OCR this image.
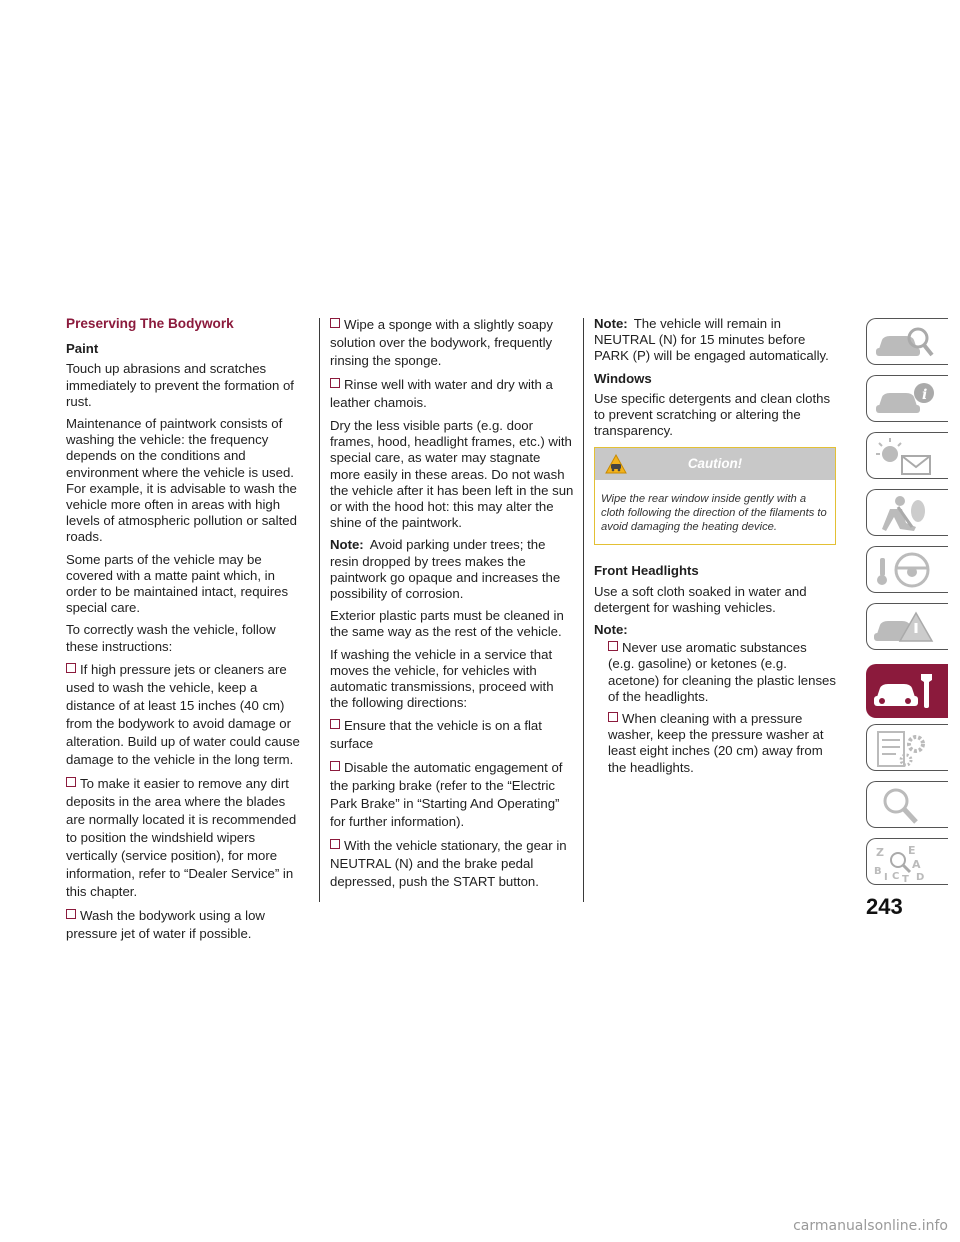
Preserving The Bodywork
Paint

Touch up abrasions and scratches immediately to prevent the formation of rust.

Maintenance of paintwork consists of washing the vehicle: the frequency depends on the conditions and environment where the vehicle is used. For example, it is advisable to wash the vehicle more often in areas with high levels of atmospheric pollution or salted roads.

Some parts of the vehicle may be covered with a matte paint which, in order to be maintained intact, requires special care.

To correctly wash the vehicle, follow these instructions:

If high pressure jets or cleaners are used to wash the vehicle, keep a distance of at least 15 inches (40 cm) from the bodywork to avoid damage or alteration. Build up of water could cause damage to the vehicle in the long term.
To make it easier to remove any dirt deposits in the area where the blades are normally located it is recommended to position the windshield wipers vertically (service position), for more information, refer to “Dealer Service” in this chapter.
Wash the bodywork using a low pressure jet of water if possible.
Wipe a sponge with a slightly soapy solution over the bodywork, frequently rinsing the sponge.
Rinse well with water and dry with a leather chamois.

Dry the less visible parts (e.g. door frames, hood, headlight frames, etc.) with special care, as water may stagnate more easily in these areas. Do not wash the vehicle after it has been left in the sun or with the hood hot: this may alter the shine of the paintwork.

Note: Avoid parking under trees; the resin dropped by trees makes the paintwork go opaque and increases the possibility of corrosion.

Exterior plastic parts must be cleaned in the same way as the rest of the vehicle.

If washing the vehicle in a service that moves the vehicle, for vehicles with automatic transmissions, proceed with the following directions:

Ensure that the vehicle is on a flat surface
Disable the automatic engagement of the parking brake (refer to the “Electric Park Brake” in “Starting And Operating” for further information).
With the vehicle stationary, the gear in NEUTRAL (N) and the brake pedal depressed, push the START button.

Note: The vehicle will remain in NEUTRAL (N) for 15 minutes before PARK (P) will be engaged automatically.

Windows

Use specific detergents and clean cloths to prevent scratching or altering the transparency.

Caution!
Wipe the rear window inside gently with a cloth following the direction of the filaments to avoid damaging the heating device.
Front Headlights

Use a soft cloth soaked in water and detergent for washing vehicles.

Note:
Never use aromatic substances (e.g. gasoline) or ketones (e.g. acetone) for cleaning the plastic lenses of the headlights.
When cleaning with a pressure washer, keep the pressure washer at least eight inches (20 cm) away from the headlights.
i
Z E
B
A
I C T D
243
carmanualsonline.info
